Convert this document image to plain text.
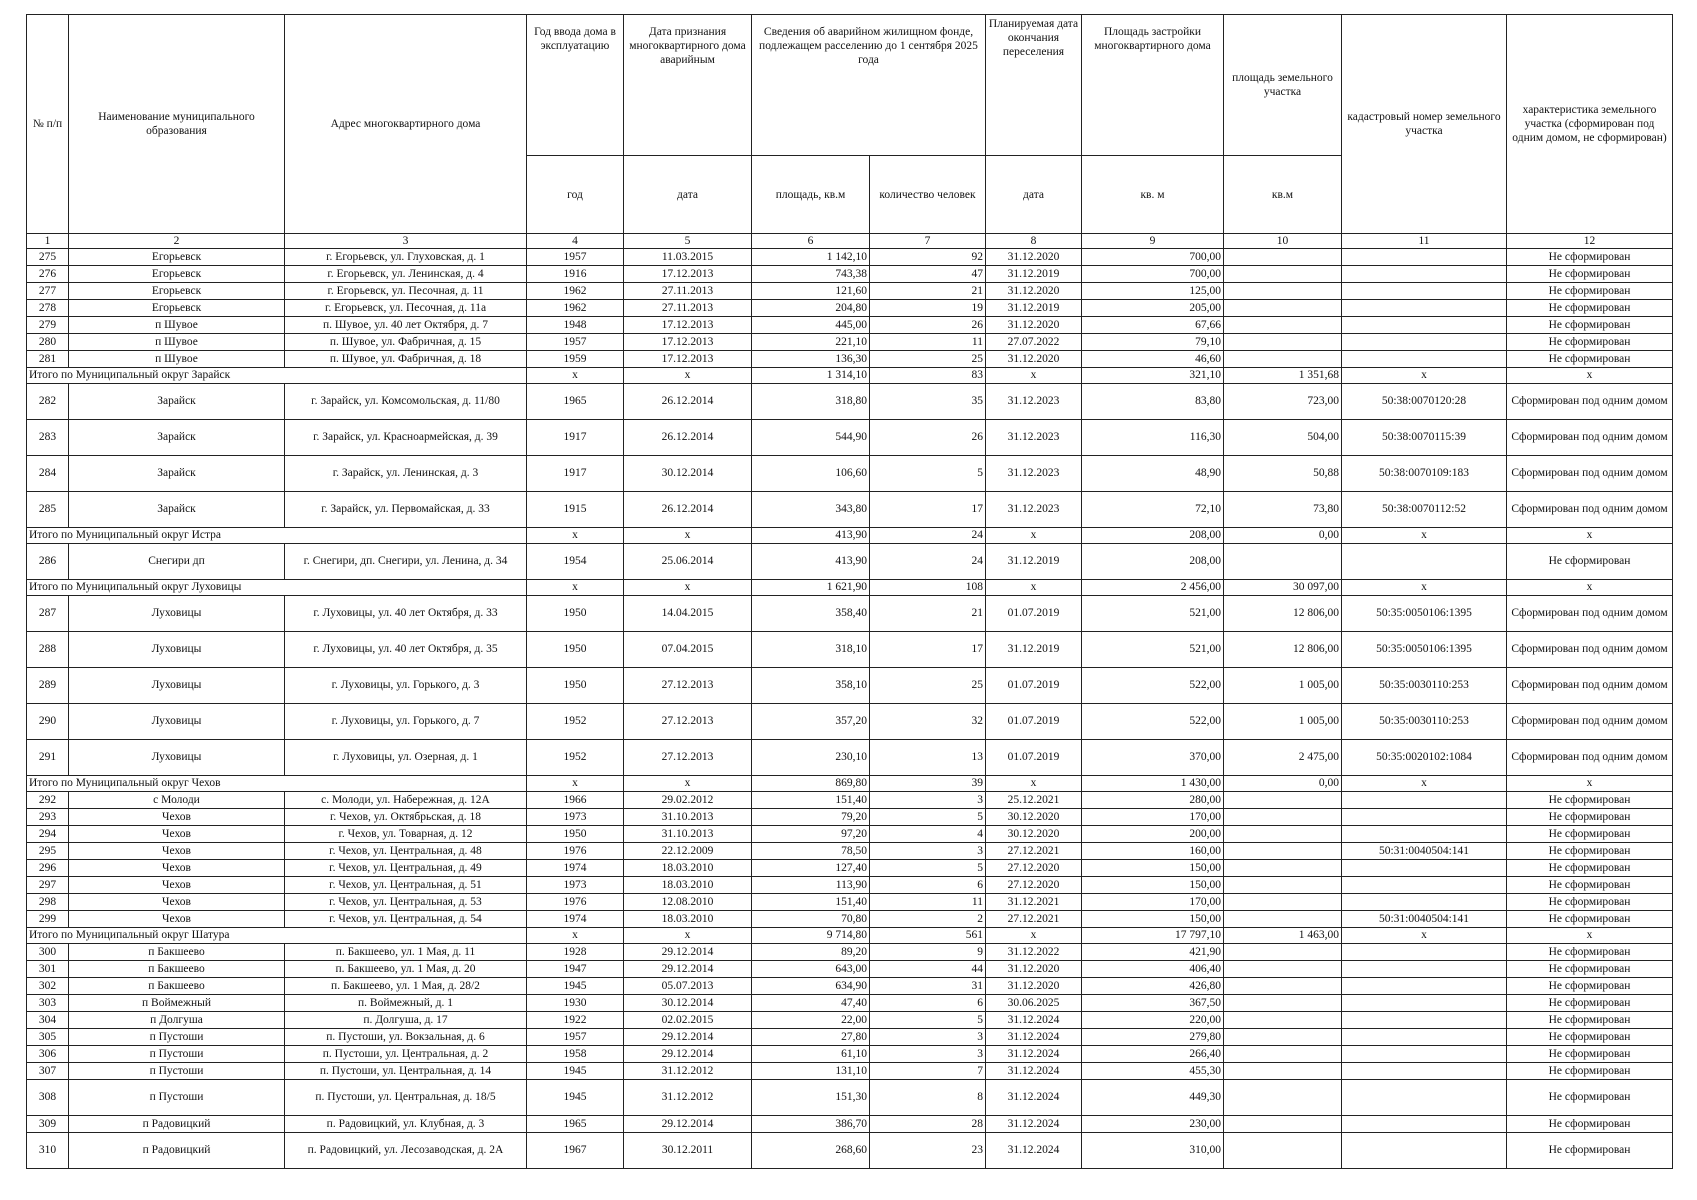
№ п/п	Наименование муниципального образования	Адрес многоквартирного дома	Год ввода дома в эксплуатацию	Дата признания многоквартирного дома аварийным	Сведения об аварийном жилищном фонде, подлежащем расселению до 1 сентября 2025 года		Планируемая дата окончания переселения	Площадь застройки многоквартирного дома	площадь земельного участка	кадастровый номер земельного участка	характеристика земельного участка (сформирован под одним домом, не сформирован)
			год	дата	площадь, кв.м	количество человек	дата	кв. м	кв.м		
1	2	3	4	5	6	7	8	9	10	11	12
275	Егорьевск	г. Егорьевск, ул. Глуховская, д. 1	1957	11.03.2015	1 142,10	92	31.12.2020	700,00			Не сформирован
276	Егорьевск	г. Егорьевск, ул. Ленинская, д. 4	1916	17.12.2013	743,38	47	31.12.2019	700,00			Не сформирован
277	Егорьевск	г. Егорьевск, ул. Песочная, д. 11	1962	27.11.2013	121,60	21	31.12.2020	125,00			Не сформирован
278	Егорьевск	г. Егорьевск, ул. Песочная, д. 11а	1962	27.11.2013	204,80	19	31.12.2019	205,00			Не сформирован
279	п Шувое	п. Шувое, ул. 40 лет Октября, д. 7	1948	17.12.2013	445,00	26	31.12.2020	67,66			Не сформирован
280	п Шувое	п. Шувое, ул. Фабричная, д. 15	1957	17.12.2013	221,10	11	27.07.2022	79,10			Не сформирован
281	п Шувое	п. Шувое, ул. Фабричная, д. 18	1959	17.12.2013	136,30	25	31.12.2020	46,60			Не сформирован
Итого по Муниципальный округ Зарайск			х	х	1 314,10	83	х	321,10	1 351,68	х	х
282	Зарайск	г. Зарайск, ул. Комсомольская, д. 11/80	1965	26.12.2014	318,80	35	31.12.2023	83,80	723,00	50:38:0070120:28	Сформирован под одним домом
283	Зарайск	г. Зарайск, ул. Красноармейская, д. 39	1917	26.12.2014	544,90	26	31.12.2023	116,30	504,00	50:38:0070115:39	Сформирован под одним домом
284	Зарайск	г. Зарайск, ул. Ленинская, д. 3	1917	30.12.2014	106,60	5	31.12.2023	48,90	50,88	50:38:0070109:183	Сформирован под одним домом
285	Зарайск	г. Зарайск, ул. Первомайская, д. 33	1915	26.12.2014	343,80	17	31.12.2023	72,10	73,80	50:38:0070112:52	Сформирован под одним домом
Итого по Муниципальный округ Истра			х	х	413,90	24	х	208,00	0,00	х	х
286	Снегири дп	г. Снегири, дп. Снегири, ул. Ленина, д. 34	1954	25.06.2014	413,90	24	31.12.2019	208,00			Не сформирован
Итого по Муниципальный округ Луховицы			х	х	1 621,90	108	х	2 456,00	30 097,00	х	х
287	Луховицы	г. Луховицы, ул. 40 лет Октября, д. 33	1950	14.04.2015	358,40	21	01.07.2019	521,00	12 806,00	50:35:0050106:1395	Сформирован под одним домом
288	Луховицы	г. Луховицы, ул. 40 лет Октября, д. 35	1950	07.04.2015	318,10	17	31.12.2019	521,00	12 806,00	50:35:0050106:1395	Сформирован под одним домом
289	Луховицы	г. Луховицы, ул. Горького, д. 3	1950	27.12.2013	358,10	25	01.07.2019	522,00	1 005,00	50:35:0030110:253	Сформирован под одним домом
290	Луховицы	г. Луховицы, ул. Горького, д. 7	1952	27.12.2013	357,20	32	01.07.2019	522,00	1 005,00	50:35:0030110:253	Сформирован под одним домом
291	Луховицы	г. Луховицы, ул. Озерная, д. 1	1952	27.12.2013	230,10	13	01.07.2019	370,00	2 475,00	50:35:0020102:1084	Сформирован под одним домом
Итого по Муниципальный округ Чехов			х	х	869,80	39	х	1 430,00	0,00	х	х
292	с Молоди	с. Молоди, ул. Набережная, д. 12А	1966	29.02.2012	151,40	3	25.12.2021	280,00			Не сформирован
293	Чехов	г. Чехов, ул. Октябрьская, д. 18	1973	31.10.2013	79,20	5	30.12.2020	170,00			Не сформирован
294	Чехов	г. Чехов, ул. Товарная, д. 12	1950	31.10.2013	97,20	4	30.12.2020	200,00			Не сформирован
295	Чехов	г. Чехов, ул. Центральная, д. 48	1976	22.12.2009	78,50	3	27.12.2021	160,00		50:31:0040504:141	Не сформирован
296	Чехов	г. Чехов, ул. Центральная, д. 49	1974	18.03.2010	127,40	5	27.12.2020	150,00			Не сформирован
297	Чехов	г. Чехов, ул. Центральная, д. 51	1973	18.03.2010	113,90	6	27.12.2020	150,00			Не сформирован
298	Чехов	г. Чехов, ул. Центральная, д. 53	1976	12.08.2010	151,40	11	31.12.2021	170,00			Не сформирован
299	Чехов	г. Чехов, ул. Центральная, д. 54	1974	18.03.2010	70,80	2	27.12.2021	150,00		50:31:0040504:141	Не сформирован
Итого по Муниципальный округ Шатура			х	х	9 714,80	561	х	17 797,10	1 463,00	х	х
300	п Бакшеево	п. Бакшеево, ул. 1 Мая, д. 11	1928	29.12.2014	89,20	9	31.12.2022	421,90			Не сформирован
301	п Бакшеево	п. Бакшеево, ул. 1 Мая, д. 20	1947	29.12.2014	643,00	44	31.12.2020	406,40			Не сформирован
302	п Бакшеево	п. Бакшеево, ул. 1 Мая, д. 28/2	1945	05.07.2013	634,90	31	31.12.2020	426,80			Не сформирован
303	п Воймежный	п. Воймежный, д. 1	1930	30.12.2014	47,40	6	30.06.2025	367,50			Не сформирован
304	п Долгуша	п. Долгуша, д. 17	1922	02.02.2015	22,00	5	31.12.2024	220,00			Не сформирован
305	п Пустоши	п. Пустоши, ул. Вокзальная, д. 6	1957	29.12.2014	27,80	3	31.12.2024	279,80			Не сформирован
306	п Пустоши	п. Пустоши, ул. Центральная, д. 2	1958	29.12.2014	61,10	3	31.12.2024	266,40			Не сформирован
307	п Пустоши	п. Пустоши, ул. Центральная, д. 14	1945	31.12.2012	131,10	7	31.12.2024	455,30			Не сформирован
308	п Пустоши	п. Пустоши, ул. Центральная, д. 18/5	1945	31.12.2012	151,30	8	31.12.2024	449,30			Не сформирован
309	п Радовицкий	п. Радовицкий, ул. Клубная, д. 3	1965	29.12.2014	386,70	28	31.12.2024	230,00			Не сформирован
310	п Радовицкий	п. Радовицкий, ул. Лесозаводская, д. 2А	1967	30.12.2011	268,60	23	31.12.2024	310,00			Не сформирован
